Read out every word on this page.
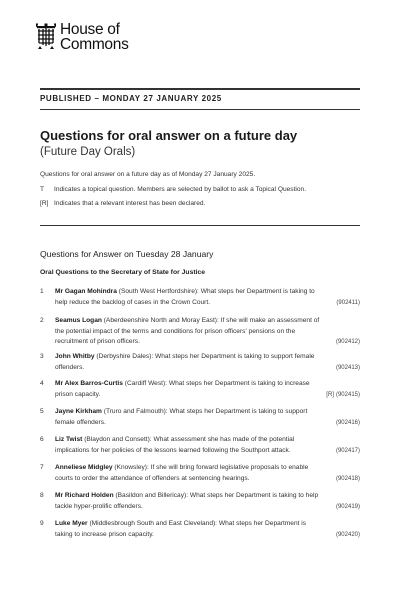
House of
Commons
PUBLISHED – MONDAY 27 JANUARY 2025
Questions for oral answer on a future day
(Future Day Orals)
Questions for oral answer on a future day as of Monday 27 January 2025.
T	Indicates a topical question. Members are selected by ballot to ask a Topical Question.
[R] Indicates that a relevant interest has been declared.
Questions for Answer on Tuesday 28 January
Oral Questions to the Secretary of State for Justice
1	Mr Gagan Mohindra (South West Hertfordshire): What steps her Department is taking to help reduce the backlog of cases in the Crown Court.	(902411)
2	Seamus Logan (Aberdeenshire North and Moray East): If she will make an assessment of the potential impact of the terms and conditions for prison officers' pensions on the recruitment of prison officers.	(902412)
3	John Whitby (Derbyshire Dales): What steps her Department is taking to support female offenders.	(902413)
4	Mr Alex Barros-Curtis (Cardiff West): What steps her Department is taking to increase prison capacity.	[R] (902415)
5	Jayne Kirkham (Truro and Falmouth): What steps her Department is taking to support female offenders.	(902416)
6	Liz Twist (Blaydon and Consett): What assessment she has made of the potential implications for her policies of the lessons learned following the Southport attack.	(902417)
7	Anneliese Midgley (Knowsley): If she will bring forward legislative proposals to enable courts to order the attendance of offenders at sentencing hearings.	(902418)
8	Mr Richard Holden (Basildon and Billericay): What steps her Department is taking to help tackle hyper-prolific offenders.	(902419)
9	Luke Myer (Middlesbrough South and East Cleveland): What steps her Department is taking to increase prison capacity.	(902420)
